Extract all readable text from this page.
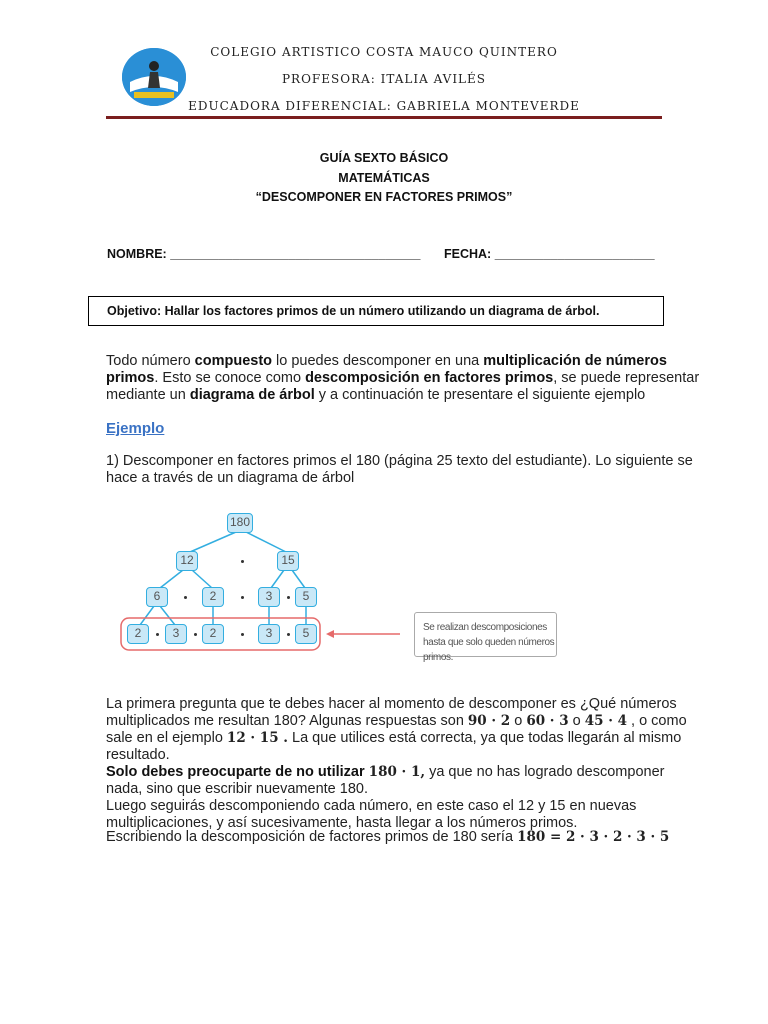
COLEGIO ARTISTICO COSTA MAUCO QUINTERO
PROFESORA: ITALIA AVILÉS
EDUCADORA DIFERENCIAL: GABRIELA MONTEVERDE
GUÍA SEXTO BÁSICO
MATEMÁTICAS
“DESCOMPONER EN FACTORES PRIMOS”
NOMBRE: ____________________________________ FECHA: _______________________
Objetivo: Hallar los factores primos de un número utilizando un diagrama de árbol.
Todo número compuesto lo puedes descomponer en una multiplicación de números primos. Esto se conoce como descomposición en factores primos, se puede representar mediante un diagrama de árbol y a continuación te presentare el siguiente ejemplo
Ejemplo
1) Descomponer en factores primos el 180 (página 25 texto del estudiante). Lo siguiente se hace a través de un diagrama de árbol
180
12	15
6	2	3	5
2	3	2	3	5	Se realizan descomposiciones hasta que solo queden números primos.
La primera pregunta que te debes hacer al momento de descomponer es ¿Qué números multiplicados me resultan 180? Algunas respuestas son 90 · 2 o 60 · 3 o 45 · 4 , o como sale en el ejemplo 12 · 15 . La que utilices está correcta, ya que todas llegarán al mismo resultado.
Solo debes preocuparte de no utilizar 180 · 1, ya que no has logrado descomponer nada, sino que escribir nuevamente 180.
Luego seguirás descomponiendo cada número, en este caso el 12 y 15 en nuevas multiplicaciones, y así sucesivamente, hasta llegar a los números primos.
Escribiendo la descomposición de factores primos de 180 sería 180 = 2 · 3 · 2 · 3 · 5
